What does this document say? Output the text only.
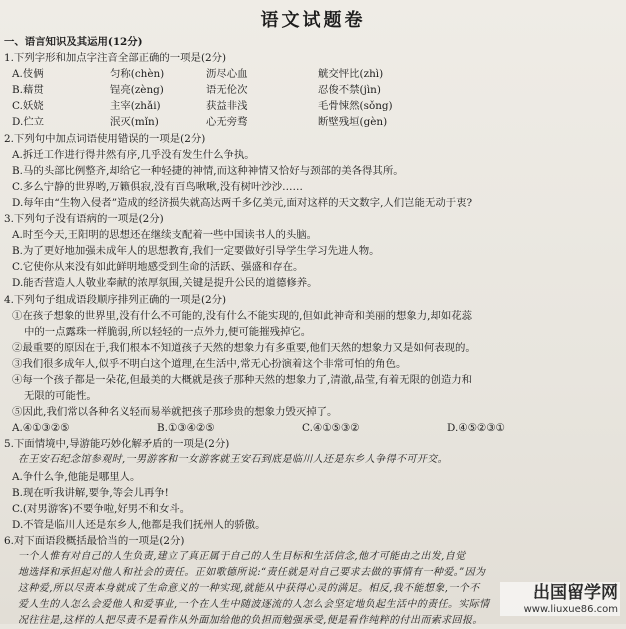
语文试题卷
一、语言知识及其运用(12分)
1.下列字形和加点字注音全部正确的一项是(2分)
A.伎俩	匀称(chèn)	沥尽心血	觥交怦比(zhì)
B.藉贯	锃亮(zèng)	语无伦次	忍俊不禁(jìn)
C.妖娆	主宰(zhǎi)	获益非浅	毛骨悚然(sǒng)
D.伫立	泯灭(mǐn)	心无旁骛	断壁残垣(gèn)
2.下列句中加点词语使用错误的一项是(2分)
A.拆迁工作进行得井然有序,几乎没有发生什么争执。
B.马的头部比例整齐,却给它一种轻捷的神情,而这种神情又恰好与颈部的美各得其所。
C.多么宁静的世界哟,万籁俱寂,没有百鸟啾啾,没有树叶沙沙……
D.每年由“生物入侵者”造成的经济损失就高达两千多亿美元,面对这样的天文数字,人们岂能无动于衷?
3.下列句子没有语病的一项是(2分)
A.时至今天,王阳明的思想还在继续支配着一些中国读书人的头脑。
B.为了更好地加强未成年人的思想教育,我们一定要做好引导学生学习先进人物。
C.它使你从来没有如此鲜明地感受到生命的活跃、强盛和存在。
D.能否营造人人敬业奉献的浓厚氛围,关键是提升公民的道德修养。
4.下列句子组成语段顺序排列正确的一项是(2分)
①在孩子想象的世界里,没有什么不可能的,没有什么不能实现的,但如此神奇和美丽的想象力,却如花蕊
中的一点露珠一样脆弱,所以轻轻的一点外力,便可能摧残掉它。
②最重要的原因在于,我们根本不知道孩子天然的想象力有多重要,他们天然的想象力又是如何表现的。
③我们很多成年人,似乎不明白这个道理,在生活中,常无心扮演着这个非常可怕的角色。
④每一个孩子都是一朵花,但最美的大概就是孩子那种天然的想象力了,清澈,晶莹,有着无限的创造力和
无限的可能性。
⑤因此,我们常以各种名义轻而易举就把孩子那珍贵的想象力毁灭掉了。
A.④①③②⑤	B.①③④②⑤	C.④①⑤③②	D.④⑤②③①
5.下面情境中,导游能巧妙化解矛盾的一项是(2分)
在王安石纪念馆参观时,一男游客和一女游客就王安石到底是临川人还是东乡人争得不可开交。
A.争什么争,他能是哪里人。
B.现在听我讲解,要争,等会儿再争!
C.(对男游客)不要争啦,好男不和女斗。
D.不管是临川人还是东乡人,他都是我们抚州人的骄傲。
6.对下面语段概括最恰当的一项是(2分)
一个人惟有对自己的人生负责,建立了真正属于自己的人生目标和生活信念,他才可能由之出发,自觉
地选择和承担起对他人和社会的责任。正如歌德所说:“责任就是对自己要求去做的事情有一种爱。”因为
这种爱,所以尽责本身就成了生命意义的一种实现,就能从中获得心灵的满足。相反,我不能想象,一个不
爱人生的人怎么会爱他人和爱事业,一个在人生中随波逐流的人怎么会坚定地负起生活中的责任。实际情
况往往是,这样的人把尽责不是看作从外面加给他的负担而勉强承受,便是看作纯粹的付出而索求回报。
出国留学网
www.liuxue86.com
